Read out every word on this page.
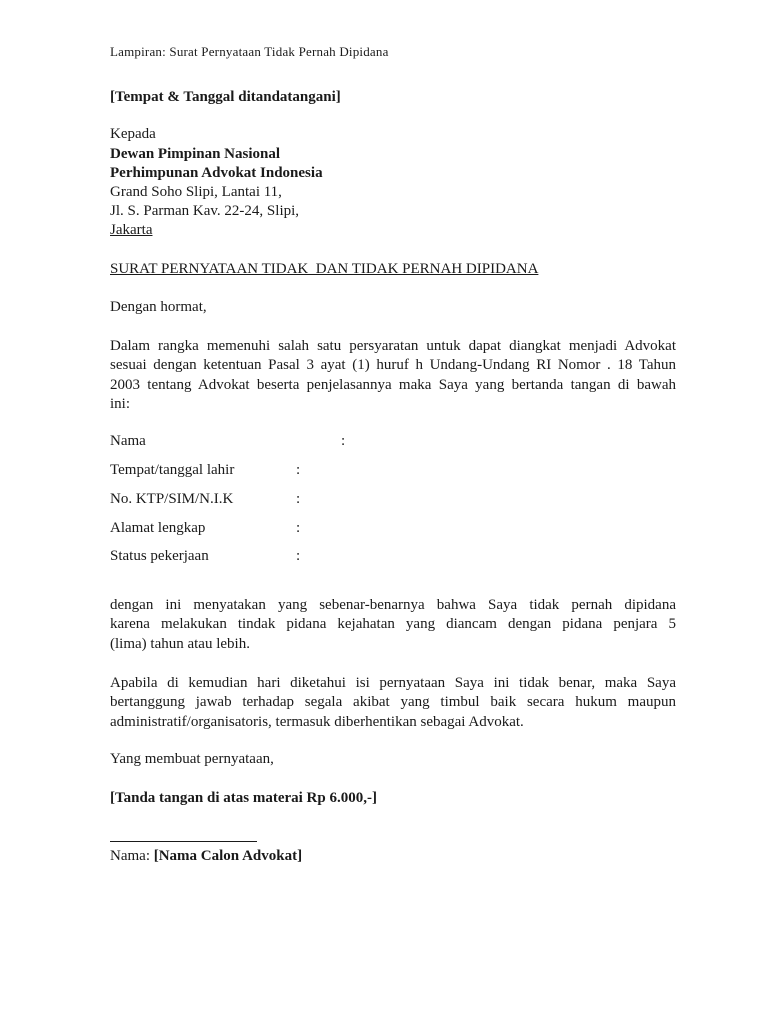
Lampiran: Surat Pernyataan Tidak Pernah Dipidana
[Tempat & Tanggal ditandatangani]
Kepada
Dewan Pimpinan Nasional
Perhimpunan Advokat Indonesia
Grand Soho Slipi, Lantai 11,
Jl. S. Parman Kav. 22-24, Slipi,
Jakarta
SURAT PERNYATAAN TIDAK  DAN TIDAK PERNAH DIPIDANA
Dengan hormat,
Dalam rangka memenuhi salah satu persyaratan untuk dapat diangkat menjadi Advokat
sesuai dengan ketentuan Pasal 3 ayat (1) huruf h Undang-Undang RI Nomor . 18 Tahun
2003 tentang Advokat beserta penjelasannya maka Saya yang bertanda tangan di bawah
ini:
Nama	:
Tempat/tanggal lahir	:
No. KTP/SIM/N.I.K	:
Alamat lengkap	:
Status pekerjaan	:
dengan ini menyatakan yang sebenar-benarnya bahwa Saya tidak pernah dipidana
karena melakukan tindak pidana kejahatan yang diancam dengan pidana penjara 5
(lima) tahun atau lebih.
Apabila di kemudian hari diketahui isi pernyataan Saya ini tidak benar, maka Saya
bertanggung jawab terhadap segala akibat yang timbul baik secara hukum maupun
administratif/organisatoris, termasuk diberhentikan sebagai Advokat.
Yang membuat pernyataan,
[Tanda tangan di atas materai Rp 6.000,-]
Nama: [Nama Calon Advokat]
